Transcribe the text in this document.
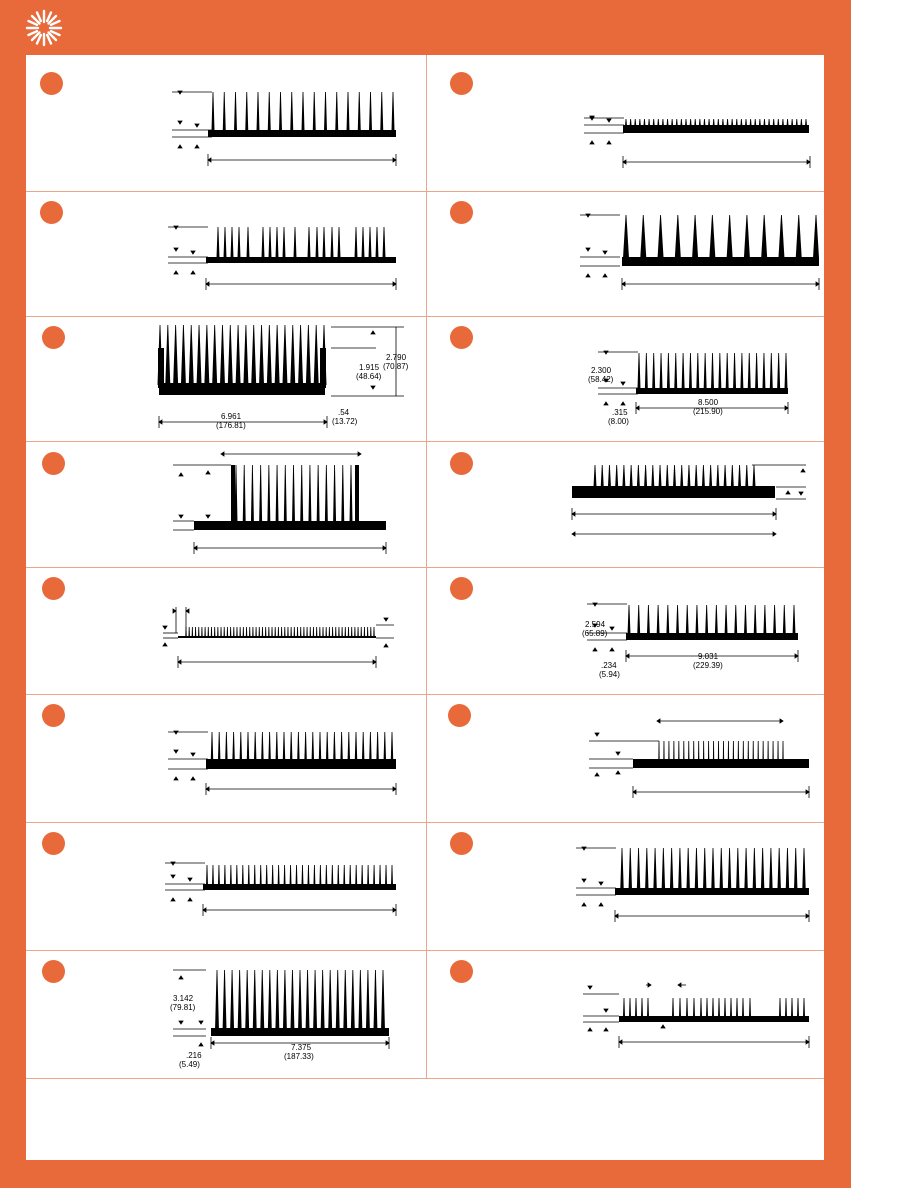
2.790
(70.87)
1.915
(48.64)
.54
(13.72)
6.961
(176.81)
2.300
(58.42)
.315
(8.00)
8.500
(215.90)
2.594
(65.89)
.234
(5.94)
9.031
(229.39)
3.142
(79.81)
.216
(5.49)
7.375
(187.33)
